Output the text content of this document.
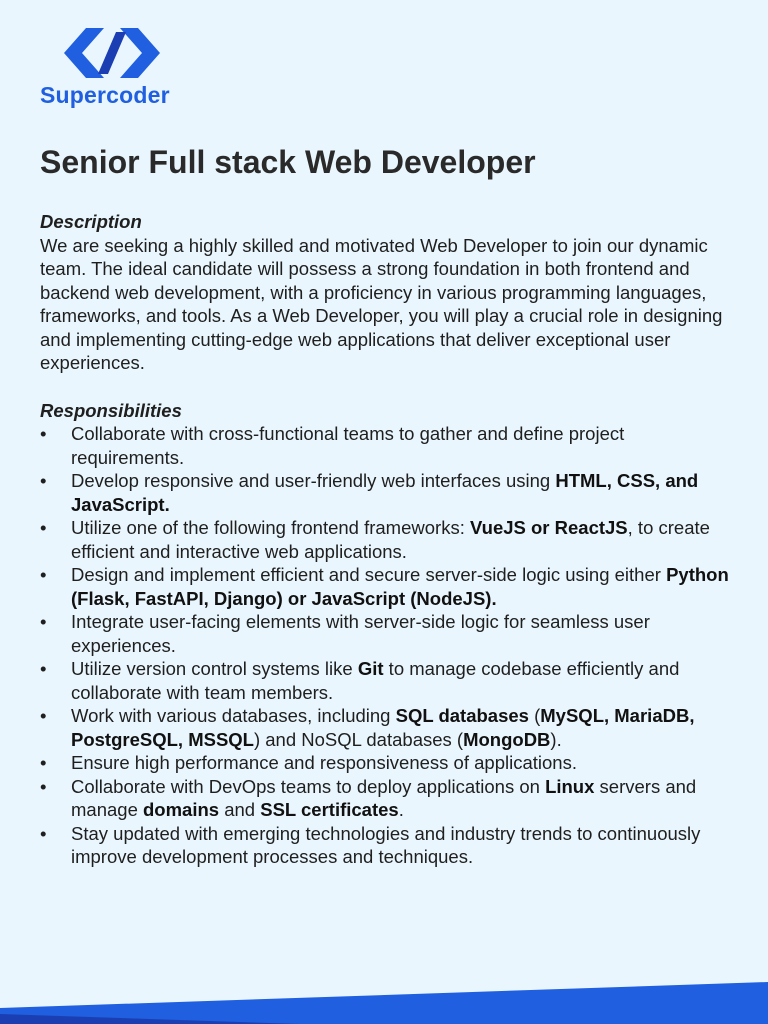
Supercoder
Senior Full stack Web Developer

Description

We are seeking a highly skilled and motivated Web Developer to join our dynamic team. The ideal candidate will possess a strong foundation in both frontend and backend web development, with a proficiency in various programming languages, frameworks, and tools. As a Web Developer, you will play a crucial role in designing and implementing cutting-edge web applications that deliver exceptional user experiences.

Responsibilities

• Collaborate with cross-functional teams to gather and define project requirements.
• Develop responsive and user-friendly web interfaces using HTML, CSS, and JavaScript.
• Utilize one of the following frontend frameworks: VueJS or ReactJS, to create efficient and interactive web applications.
• Design and implement efficient and secure server-side logic using either Python (Flask, FastAPI, Django) or JavaScript (NodeJS).
• Integrate user-facing elements with server-side logic for seamless user experiences.
• Utilize version control systems like Git to manage codebase efficiently and collaborate with team members.
• Work with various databases, including SQL databases (MySQL, MariaDB, PostgreSQL, MSSQL) and NoSQL databases (MongoDB).
• Ensure high performance and responsiveness of applications.
• Collaborate with DevOps teams to deploy applications on Linux servers and manage domains and SSL certificates.
• Stay updated with emerging technologies and industry trends to continuously improve development processes and techniques.
